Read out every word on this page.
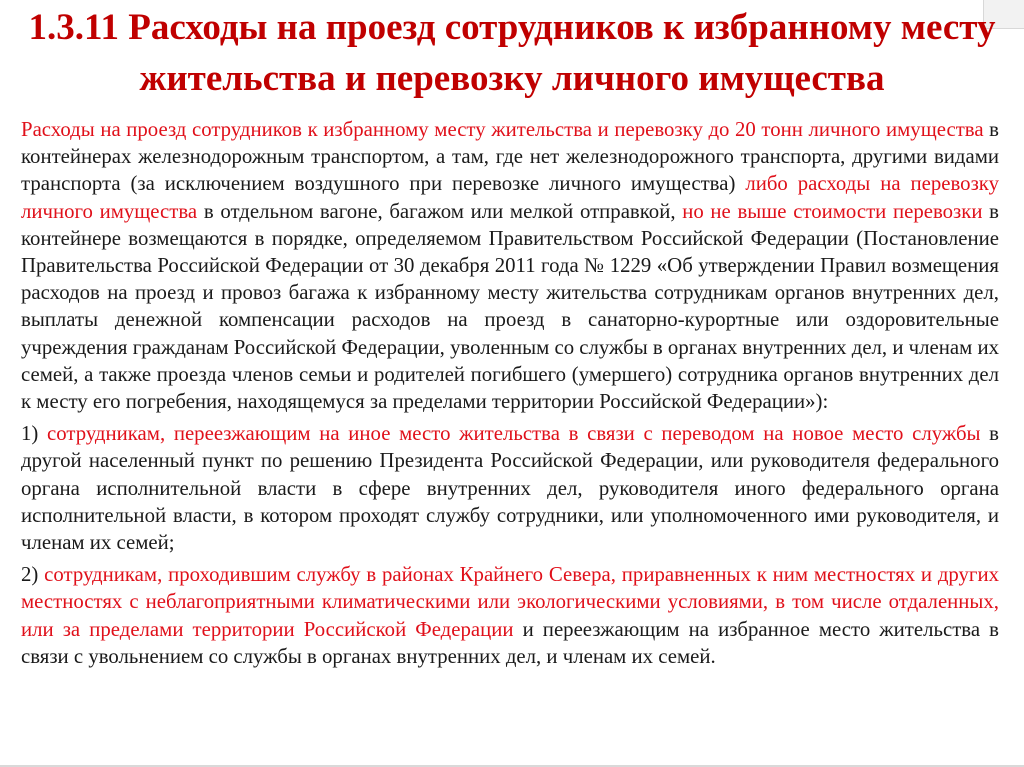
1.3.11 Расходы на проезд сотрудников к избранному месту жительства и перевозку личного имущества

Расходы на проезд сотрудников к избранному месту жительства и перевозку до 20 тонн личного имущества в контейнерах железнодорожным транспортом, а там, где нет железнодорожного транспорта, другими видами транспорта (за исключением воздушного при перевозке личного имущества) либо расходы на перевозку личного имущества в отдельном вагоне, багажом или мелкой отправкой, но не выше стоимости перевозки в контейнере возмещаются в порядке, определяемом Правительством Российской Федерации (Постановление Правительства Российской Федерации от 30 декабря 2011 года № 1229 «Об утверждении Правил возмещения расходов на проезд и провоз багажа к избранному месту жительства сотрудникам органов внутренних дел, выплаты денежной компенсации расходов на проезд в санаторно-курортные или оздоровительные учреждения гражданам Российской Федерации, уволенным со службы в органах внутренних дел, и членам их семей, а также проезда членов семьи и родителей погибшего (умершего) сотрудника органов внутренних дел к месту его погребения, находящемуся за пределами территории Российской Федерации»):

1) сотрудникам, переезжающим на иное место жительства в связи с переводом на новое место службы в другой населенный пункт по решению Президента Российской Федерации, или руководителя федерального органа исполнительной власти в сфере внутренних дел, руководителя иного федерального органа исполнительной власти, в котором проходят службу сотрудники, или уполномоченного ими руководителя, и членам их семей;

2) сотрудникам, проходившим службу в районах Крайнего Севера, приравненных к ним местностях и других местностях с неблагоприятными климатическими или экологическими условиями, в том числе отдаленных, или за пределами территории Российской Федерации и переезжающим на избранное место жительства в связи с увольнением со службы в органах внутренних дел, и членам их семей.
